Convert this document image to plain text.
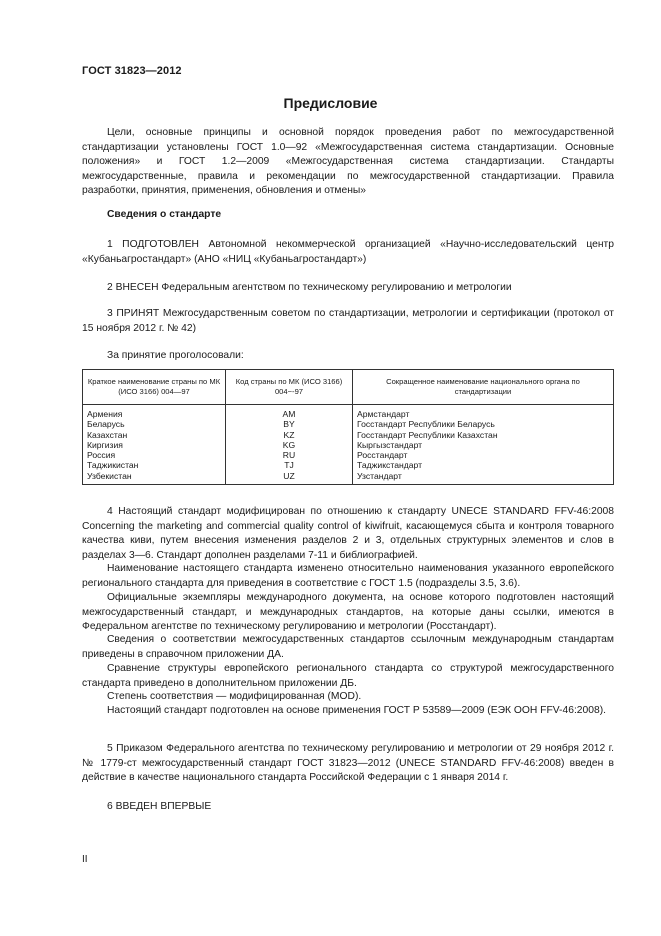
ГОСТ 31823—2012
Предисловие

Цели, основные принципы и основной порядок проведения работ по межгосударственной стандартизации установлены ГОСТ 1.0—92 «Межгосударственная система стандартизации. Основные положения» и ГОСТ 1.2—2009 «Межгосударственная система стандартизации. Стандарты межгосударственные, правила и рекомендации по межгосударственной стандартизации. Правила разработки, принятия, применения, обновления и отмены»

Сведения о стандарте

1 ПОДГОТОВЛЕН Автономной некоммерческой организацией «Научно-исследовательский центр «Кубаньагростандарт» (АНО «НИЦ «Кубаньагростандарт»)

2 ВНЕСЕН Федеральным агентством по техническому регулированию и метрологии

3 ПРИНЯТ Межгосударственным советом по стандартизации, метрологии и сертификации (протокол от 15 ноября 2012 г. № 42)

За принятие проголосовали:

Краткое наименование страны по МК (ИСО 3166) 004—97	Код страны по МК (ИСО 3166) 004−-97	Сокращенное наименование национального органа по стандартизации
Армения	AM	Армстандарт
Беларусь	BY	Госстандарт Республики Беларусь
Казахстан	KZ	Госстандарт Республики Казахстан
Киргизия	KG	Кыргызстандарт
Россия	RU	Росстандарт
Таджикистан	TJ	Таджикстандарт
Узбекистан	UZ	Узстандарт

4 Настоящий стандарт модифицирован по отношению к стандарту UNECE STANDARD FFV-46:2008 Concerning the marketing and commercial quality control of kiwifruit, касающемуся сбыта и контроля товарного качества киви, путем внесения изменения разделов 2 и 3, отдельных структурных элементов и слов в разделах 3—6. Стандарт дополнен разделами 7-11 и библиографией.

Наименование настоящего стандарта изменено относительно наименования указанного европейского регионального стандарта для приведения в соответствие с ГОСТ 1.5 (подразделы 3.5, 3.6).

Официальные экземпляры международного документа, на основе которого подготовлен настоящий межгосударственный стандарт, и международных стандартов, на которые даны ссылки, имеются в Федеральном агентстве по техническому регулированию и метрологии (Росстандарт).

Сведения о соответствии межгосударственных стандартов ссылочным международным стандартам приведены в справочном приложении ДА.

Сравнение структуры европейского регионального стандарта со структурой межгосударственного стандарта приведено в дополнительном приложении ДБ.

Степень соответствия — модифицированная (MOD).

Настоящий стандарт подготовлен на основе применения ГОСТ Р 53589—2009 (ЕЭК ООН FFV-46:2008).

5 Приказом Федерального агентства по техническому регулированию и метрологии от 29 ноября 2012 г. № 1779-ст межгосударственный стандарт ГОСТ 31823—2012 (UNECE STANDARD FFV-46:2008) введен в действие в качестве национального стандарта Российской Федерации с 1 января 2014 г.

6 ВВЕДЕН ВПЕРВЫЕ

II
